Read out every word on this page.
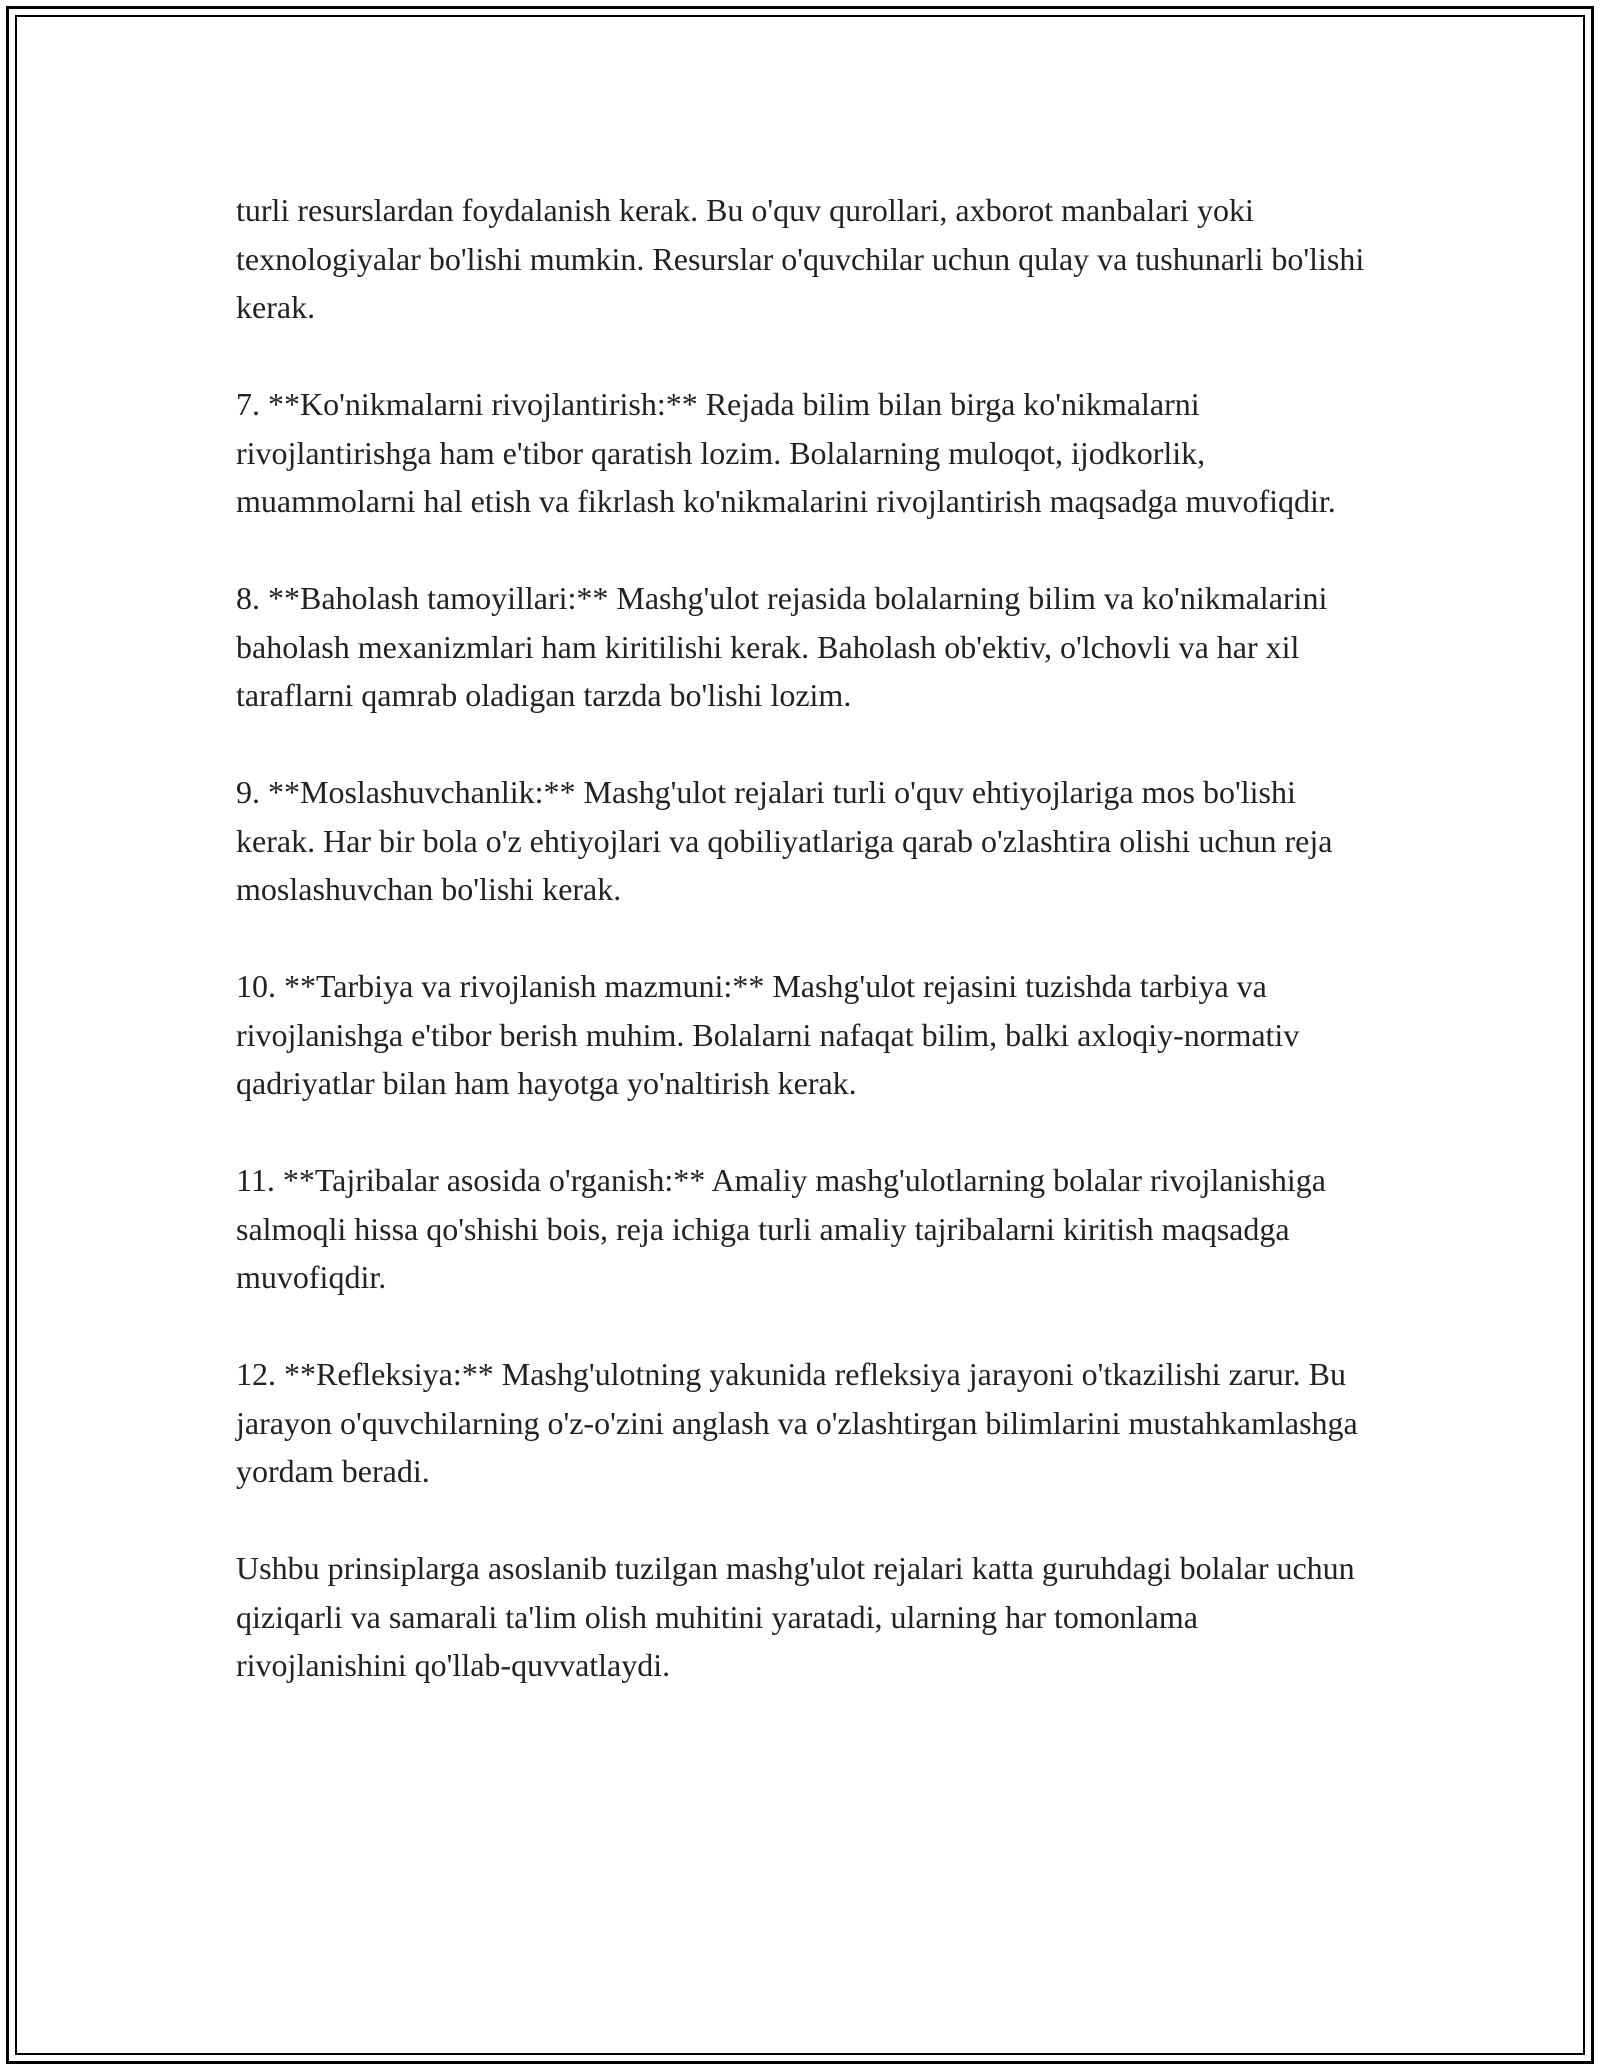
turli resurslardan foydalanish kerak. Bu o'quv qurollari, axborot manbalari yoki texnologiyalar bo'lishi mumkin. Resurslar o'quvchilar uchun qulay va tushunarli bo'lishi kerak.

7. **Ko'nikmalarni rivojlantirish:** Rejada bilim bilan birga ko'nikmalarni rivojlantirishga ham e'tibor qaratish lozim. Bolalarning muloqot, ijodkorlik, muammolarni hal etish va fikrlash ko'nikmalarini rivojlantirish maqsadga muvofiqdir.

8. **Baholash tamoyillari:** Mashg'ulot rejasida bolalarning bilim va ko'nikmalarini baholash mexanizmlari ham kiritilishi kerak. Baholash ob'ektiv, o'lchovli va har xil taraflarni qamrab oladigan tarzda bo'lishi lozim.

9. **Moslashuvchanlik:** Mashg'ulot rejalari turli o'quv ehtiyojlariga mos bo'lishi kerak. Har bir bola o'z ehtiyojlari va qobiliyatlariga qarab o'zlashtira olishi uchun reja moslashuvchan bo'lishi kerak.

10. **Tarbiya va rivojlanish mazmuni:** Mashg'ulot rejasini tuzishda tarbiya va rivojlanishga e'tibor berish muhim. Bolalarni nafaqat bilim, balki axloqiy-normativ qadriyatlar bilan ham hayotga yo'naltirish kerak.

11. **Tajribalar asosida o'rganish:** Amaliy mashg'ulotlarning bolalar rivojlanishiga salmoqli hissa qo'shishi bois, reja ichiga turli amaliy tajribalarni kiritish maqsadga muvofiqdir.

12. **Refleksiya:** Mashg'ulotning yakunida refleksiya jarayoni o'tkazilishi zarur. Bu jarayon o'quvchilarning o'z-o'zini anglash va o'zlashtirgan bilimlarini mustahkamlashga yordam beradi.

Ushbu prinsiplarga asoslanib tuzilgan mashg'ulot rejalari katta guruhdagi bolalar uchun qiziqarli va samarali ta'lim olish muhitini yaratadi, ularning har tomonlama rivojlanishini qo'llab-quvvatlaydi.
